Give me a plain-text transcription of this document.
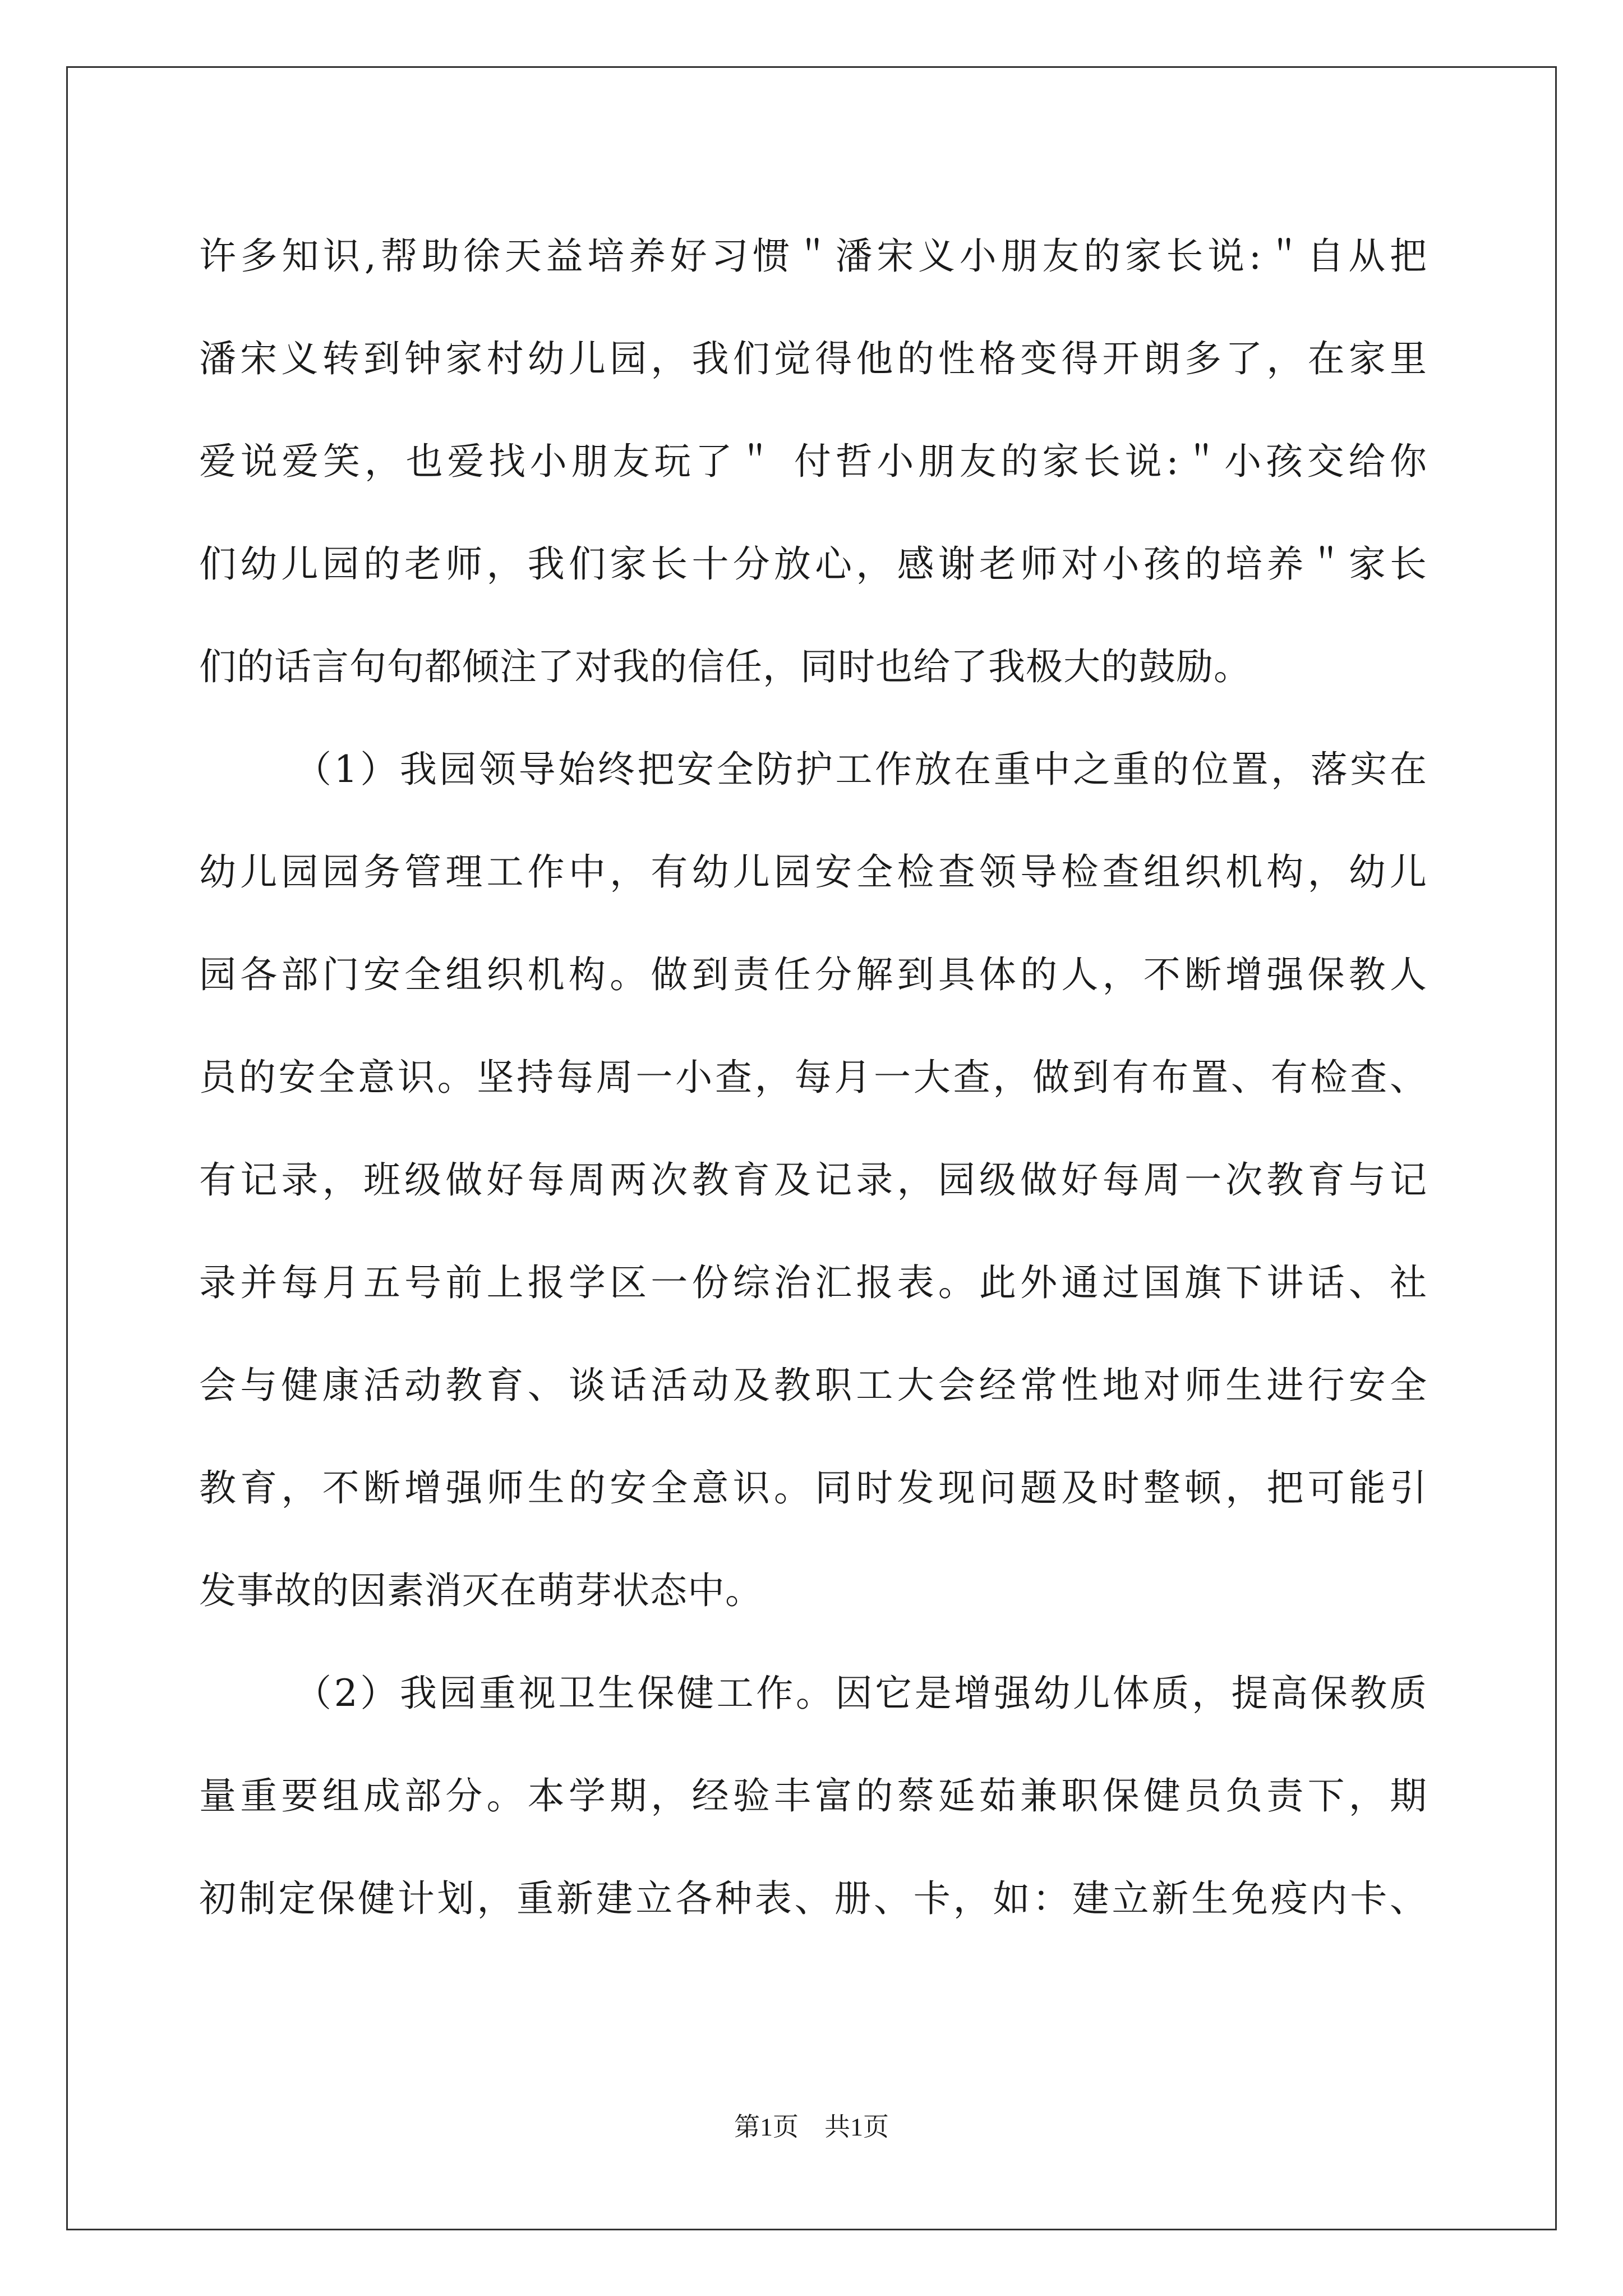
许多知识,帮助徐天益培养好习惯＂潘宋义小朋友的家长说:＂自从把
潘宋义转到钟家村幼儿园，我们觉得他的性格变得开朗多了，在家里
爱说爱笑，也爱找小朋友玩了＂ 付哲小朋友的家长说:＂小孩交给你
们幼儿园的老师，我们家长十分放心，感谢老师对小孩的培养＂家长
们的话言句句都倾注了对我的信任，同时也给了我极大的鼓励。
（1）我园领导始终把安全防护工作放在重中之重的位置，落实在
幼儿园园务管理工作中，有幼儿园安全检查领导检查组织机构，幼儿
园各部门安全组织机构。做到责任分解到具体的人，不断增强保教人
员的安全意识。坚持每周一小查，每月一大查，做到有布置、有检查、
有记录，班级做好每周两次教育及记录，园级做好每周一次教育与记
录并每月五号前上报学区一份综治汇报表。此外通过国旗下讲话、社
会与健康活动教育、谈话活动及教职工大会经常性地对师生进行安全
教育，不断增强师生的安全意识。同时发现问题及时整顿，把可能引
发事故的因素消灭在萌芽状态中。
（2）我园重视卫生保健工作。因它是增强幼儿体质，提高保教质
量重要组成部分。本学期，经验丰富的蔡延茹兼职保健员负责下，期
初制定保健计划，重新建立各种表、册、卡，如：建立新生免疫内卡、
第1页　共1页
